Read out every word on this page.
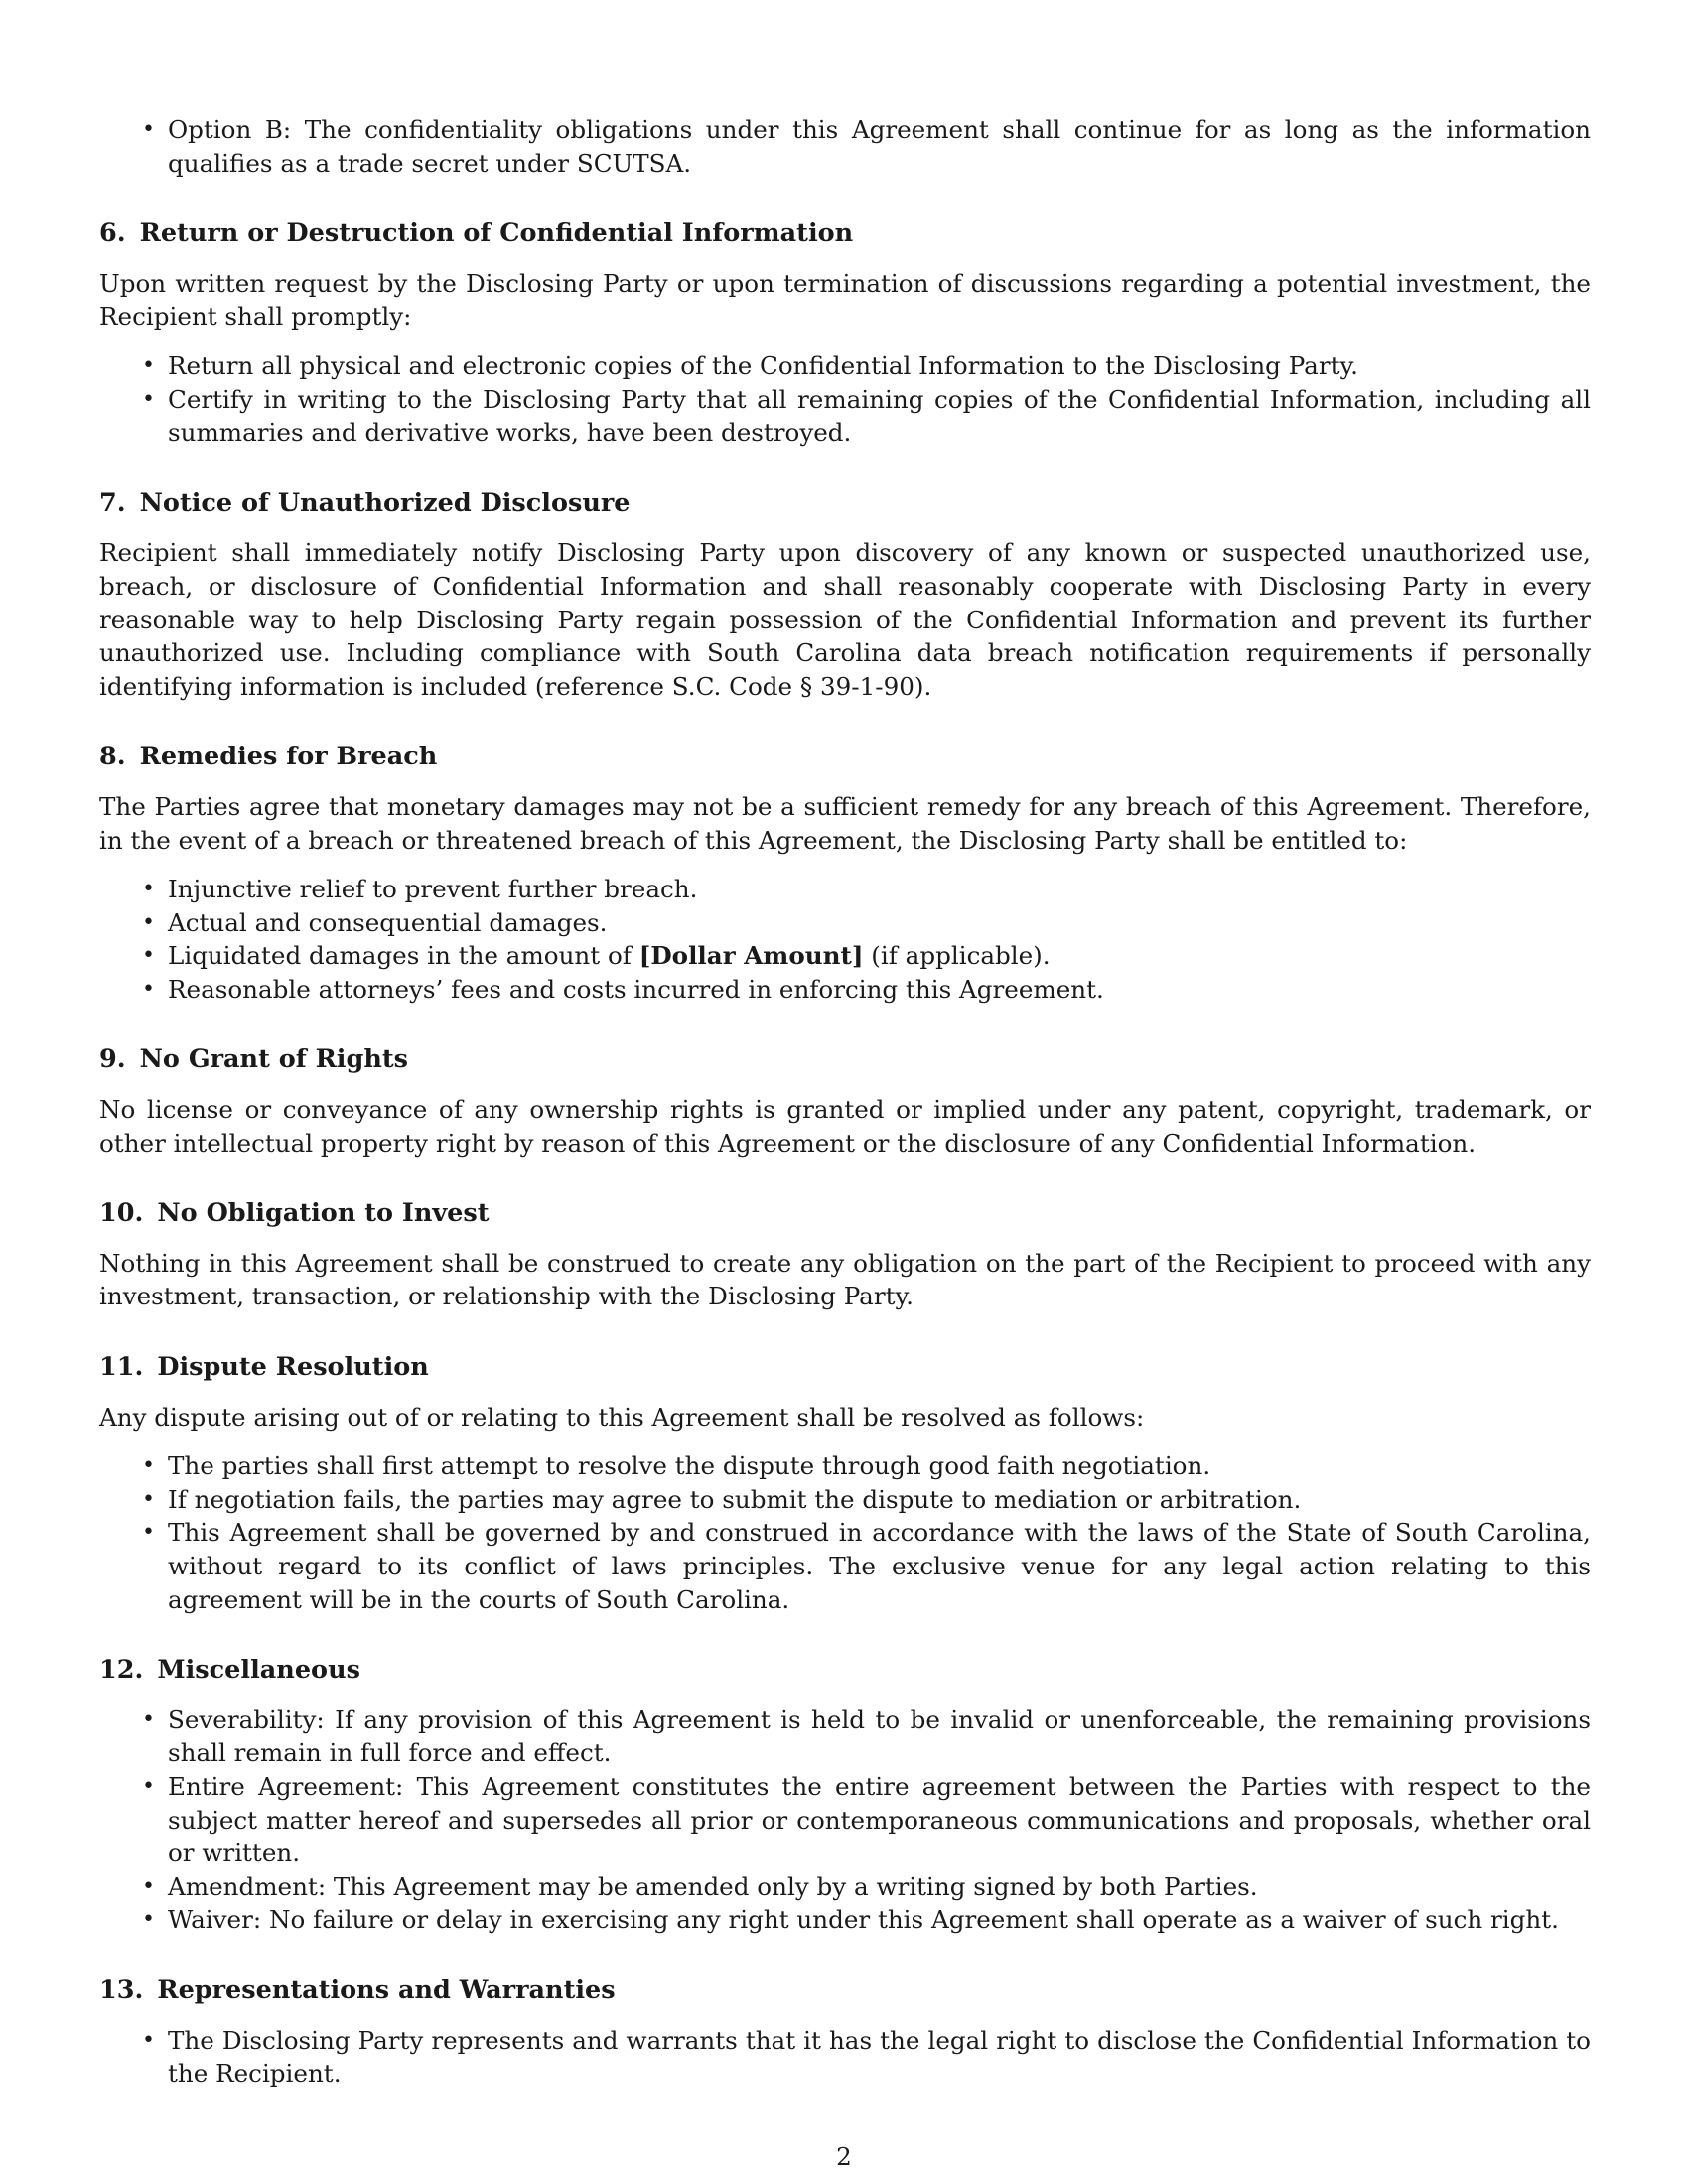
• Option B: The confidentiality obligations under this Agreement shall continue for as long as the information qualifies as a trade secret under SCUTSA.
6. Return or Destruction of Confidential Information

Upon written request by the Disclosing Party or upon termination of discussions regarding a potential investment, the Recipient shall promptly:

• Return all physical and electronic copies of the Confidential Information to the Disclosing Party.
• Certify in writing to the Disclosing Party that all remaining copies of the Confidential Information, including all summaries and derivative works, have been destroyed.
7. Notice of Unauthorized Disclosure

Recipient shall immediately notify Disclosing Party upon discovery of any known or suspected unauthorized use, breach, or disclosure of Confidential Information and shall reasonably cooperate with Disclosing Party in every reasonable way to help Disclosing Party regain possession of the Confidential Information and prevent its further unauthorized use. Including compliance with South Carolina data breach notification requirements if personally identifying information is included (reference S.C. Code § 39-1-90).

8. Remedies for Breach

The Parties agree that monetary damages may not be a sufficient remedy for any breach of this Agreement. Therefore, in the event of a breach or threatened breach of this Agreement, the Disclosing Party shall be entitled to:

• Injunctive relief to prevent further breach.
• Actual and consequential damages.
• Liquidated damages in the amount of [Dollar Amount] (if applicable).
• Reasonable attorneys’ fees and costs incurred in enforcing this Agreement.
9. No Grant of Rights

No license or conveyance of any ownership rights is granted or implied under any patent, copyright, trademark, or other intellectual property right by reason of this Agreement or the disclosure of any Confidential Information.

10. No Obligation to Invest

Nothing in this Agreement shall be construed to create any obligation on the part of the Recipient to proceed with any investment, transaction, or relationship with the Disclosing Party.

11. Dispute Resolution

Any dispute arising out of or relating to this Agreement shall be resolved as follows:

• The parties shall first attempt to resolve the dispute through good faith negotiation.
• If negotiation fails, the parties may agree to submit the dispute to mediation or arbitration.
• This Agreement shall be governed by and construed in accordance with the laws of the State of South Carolina, without regard to its conflict of laws principles. The exclusive venue for any legal action relating to this agreement will be in the courts of South Carolina.
12. Miscellaneous
• Severability: If any provision of this Agreement is held to be invalid or unenforceable, the remaining provisions shall remain in full force and effect.
• Entire Agreement: This Agreement constitutes the entire agreement between the Parties with respect to the subject matter hereof and supersedes all prior or contemporaneous communications and proposals, whether oral or written.
• Amendment: This Agreement may be amended only by a writing signed by both Parties.
• Waiver: No failure or delay in exercising any right under this Agreement shall operate as a waiver of such right.
13. Representations and Warranties
• The Disclosing Party represents and warrants that it has the legal right to disclose the Confidential Information to the Recipient.
2
